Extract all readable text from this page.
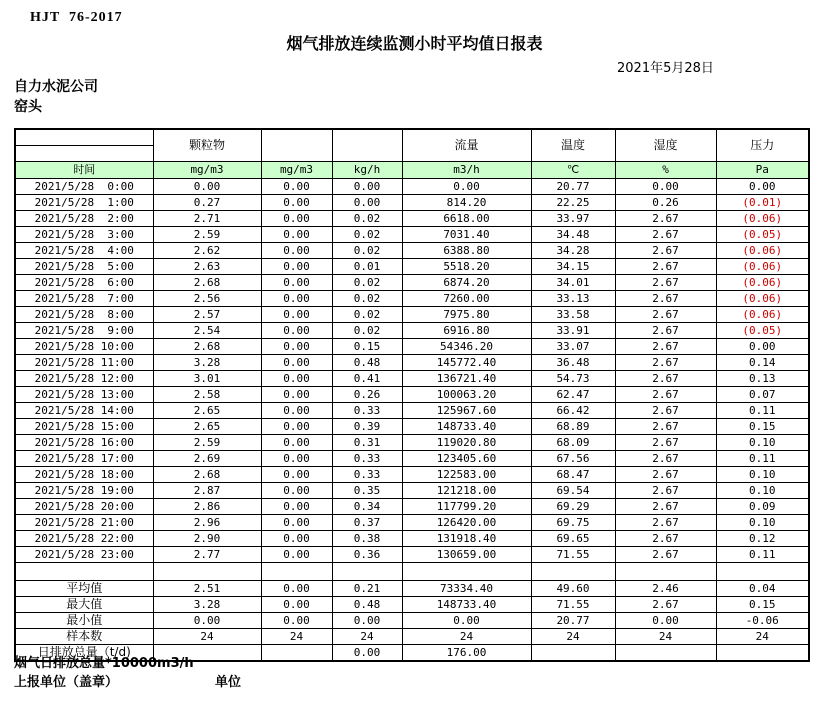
HJT  76-2017
烟气排放连续监测小时平均值日报表
2021年5月28日
自力水泥公司
窑头
	颗粒物			流量	温度	湿度	压力

时间	mg/m3	mg/m3	kg/h	m3/h	℃	%	Pa
2021/5/28  0:00	0.00	0.00	0.00	0.00	20.77	0.00	0.00
2021/5/28  1:00	0.27	0.00	0.00	814.20	22.25	0.26	(0.01)
2021/5/28  2:00	2.71	0.00	0.02	6618.00	33.97	2.67	(0.06)
2021/5/28  3:00	2.59	0.00	0.02	7031.40	34.48	2.67	(0.05)
2021/5/28  4:00	2.62	0.00	0.02	6388.80	34.28	2.67	(0.06)
2021/5/28  5:00	2.63	0.00	0.01	5518.20	34.15	2.67	(0.06)
2021/5/28  6:00	2.68	0.00	0.02	6874.20	34.01	2.67	(0.06)
2021/5/28  7:00	2.56	0.00	0.02	7260.00	33.13	2.67	(0.06)
2021/5/28  8:00	2.57	0.00	0.02	7975.80	33.58	2.67	(0.06)
2021/5/28  9:00	2.54	0.00	0.02	6916.80	33.91	2.67	(0.05)
2021/5/28 10:00	2.68	0.00	0.15	54346.20	33.07	2.67	0.00
2021/5/28 11:00	3.28	0.00	0.48	145772.40	36.48	2.67	0.14
2021/5/28 12:00	3.01	0.00	0.41	136721.40	54.73	2.67	0.13
2021/5/28 13:00	2.58	0.00	0.26	100063.20	62.47	2.67	0.07
2021/5/28 14:00	2.65	0.00	0.33	125967.60	66.42	2.67	0.11
2021/5/28 15:00	2.65	0.00	0.39	148733.40	68.89	2.67	0.15
2021/5/28 16:00	2.59	0.00	0.31	119020.80	68.09	2.67	0.10
2021/5/28 17:00	2.69	0.00	0.33	123405.60	67.56	2.67	0.11
2021/5/28 18:00	2.68	0.00	0.33	122583.00	68.47	2.67	0.10
2021/5/28 19:00	2.87	0.00	0.35	121218.00	69.54	2.67	0.10
2021/5/28 20:00	2.86	0.00	0.34	117799.20	69.29	2.67	0.09
2021/5/28 21:00	2.96	0.00	0.37	126420.00	69.75	2.67	0.10
2021/5/28 22:00	2.90	0.00	0.38	131918.40	69.65	2.67	0.12
2021/5/28 23:00	2.77	0.00	0.36	130659.00	71.55	2.67	0.11

平均值	2.51	0.00	0.21	73334.40	49.60	2.46	0.04
最大值	3.28	0.00	0.48	148733.40	71.55	2.67	0.15
最小值	0.00	0.00	0.00	0.00	20.77	0.00	-0.06
样本数	24	24	24	24	24	24	24
日排放总量（t/d)			0.00	176.00			
烟气日排放总量*10000m3/h
上报单位（盖章）	单位
